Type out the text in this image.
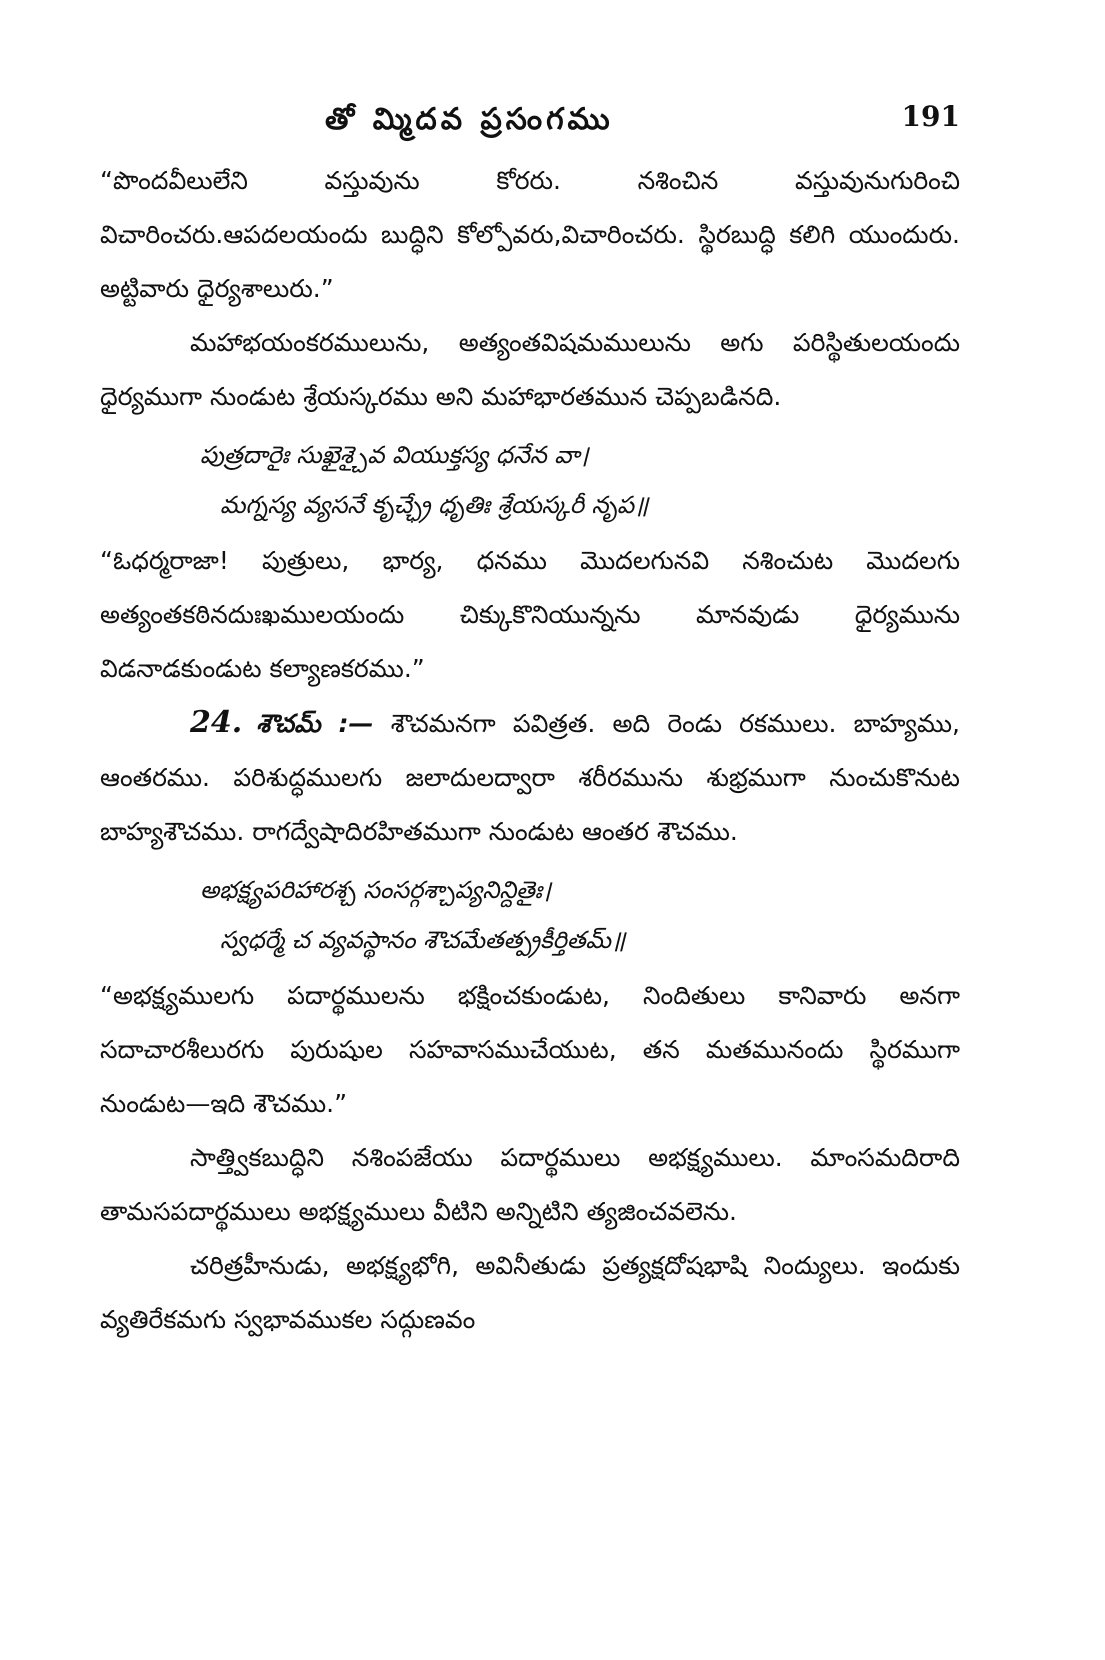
తో మ్మిదవ ప్రసంగము	191

“పొందవీలులేని వస్తువును కోరరు. నశించిన వస్తువునుగురించి విచారించరు.ఆపదలయందు బుద్ధిని కోల్పోవరు,విచారించరు. స్థిరబుద్ధి కలిగి యుందురు. అట్టివారు ధైర్యశాలురు.”

మహాభయంకరములును, అత్యంతవిషమములును అగు పరిస్థితులయందు ధైర్యముగా నుండుట శ్రేయస్కరము అని మహాభారతమున చెప్పబడినది.

పుత్రదారైః సుఖైశ్చైవ వియుక్తస్య ధనేన వా।
మగ్నస్య వ్యసనే కృచ్ఛ్రే ధృతిః శ్రేయస్కరీ నృప॥

“ఓధర్మరాజా! పుత్రులు, భార్య, ధనము మొదలగునవి నశించుట మొదలగు అత్యంతకఠినదుఃఖములయందు చిక్కుకొనియున్నను మానవుడు ధైర్యమును విడనాడకుండుట కల్యాణకరము.”

24. శౌచమ్ :— శౌచమనగా పవిత్రత. అది రెండు రకములు. బాహ్యము, ఆంతరము. పరిశుద్ధములగు జలాదులద్వారా శరీరమును శుభ్రముగా నుంచుకొనుట బాహ్యశౌచము. రాగద్వేషాదిరహితముగా నుండుట ఆంతర శౌచము.

అభక్ష్యపరిహారశ్చ సంసర్గశ్చాప్యనిన్దితైః।
స్వధర్మే చ వ్యవస్థానం శౌచమేతత్ప్రకీర్తితమ్॥

“అభక్ష్యములగు పదార్థములను భక్షించకుండుట, నిందితులు కానివారు అనగా సదాచారశీలురగు పురుషుల సహవాసముచేయుట, తన మతమునందు స్థిరముగా నుండుట—ఇది శౌచము.”

సాత్త్వికబుద్ధిని నశింపజేయు పదార్థములు అభక్ష్యములు. మాంసమదిరాది తామసపదార్థములు అభక్ష్యములు వీటిని అన్నిటిని త్యజించవలెను.

చరిత్రహీనుడు, అభక్ష్యభోగి, అవినీతుడు ప్రత్యక్షదోషభాషి నింద్యులు. ఇందుకు వ్యతిరేకమగు స్వభావముకల సద్గుణవం
